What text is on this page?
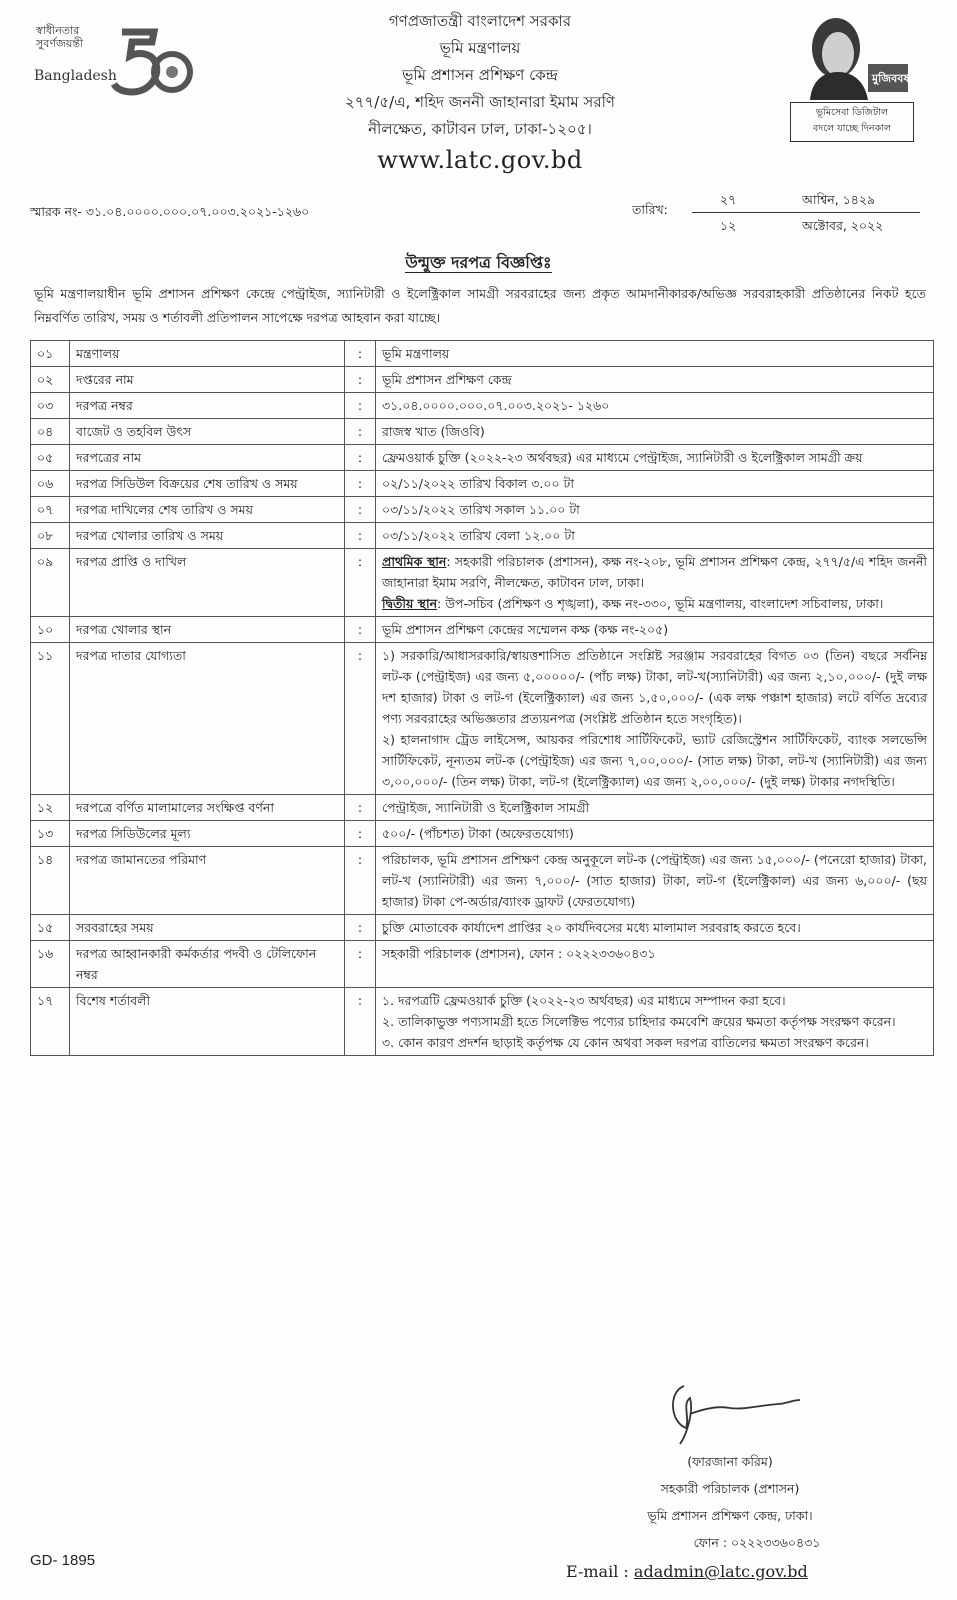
স্বাধীনতার
সুবর্ণজয়ন্তী
Bangladesh
গণপ্রজাতন্ত্রী বাংলাদেশ সরকার
ভূমি মন্ত্রণালয়
ভূমি প্রশাসন প্রশিক্ষণ কেন্দ্র
২৭৭/৫/এ, শহিদ জননী জাহানারা ইমাম সরণি
নীলক্ষেত, কাটাবন ঢাল, ঢাকা-১২০৫।
www.latc.gov.bd
মুজিববর্ষ
ভূমিসেবা ডিজিটাল
বদলে যাচ্ছে দিনকাল
স্মারক নং- ৩১.০৪.০০০০.০০০.০৭.০০৩.২০২১-১২৬০	তারিখ:
২৭	আশ্বিন, ১৪২৯
১২	অক্টোবর, ২০২২
উন্মুক্ত দরপত্র বিজ্ঞপ্তিঃ
ভূমি মন্ত্রণালয়াধীন ভূমি প্রশাসন প্রশিক্ষণ কেন্দ্রে পেন্ট্রাইজ, স্যানিটারী ও ইলেক্ট্রিকাল সামগ্রী সরবরাহের জন্য প্রকৃত আমদানীকারক/অভিজ্ঞ সরবরাহকারী প্রতিষ্ঠানের নিকট হতে নিম্নবর্ণিত তারিখ, সময় ও শর্তাবলী প্রতিপালন সাপেক্ষে দরপত্র আহবান করা যাচ্ছে।
০১	মন্ত্রণালয়	:	ভূমি মন্ত্রণালয়
০২	দপ্তরের নাম	:	ভূমি প্রশাসন প্রশিক্ষণ কেন্দ্র
০৩	দরপত্র নম্বর	:	৩১.০৪.০০০০.০০০.০৭.০০৩.২০২১- ১২৬০
০৪	বাজেট ও তহবিল উৎস	:	রাজস্ব খাত (জিওবি)
০৫	দরপত্রের নাম	:	ফ্রেমওয়ার্ক চুক্তি (২০২২-২৩ অর্থবছর) এর মাধ্যমে পেন্ট্রাইজ, স্যানিটারী ও ইলেক্ট্রিকাল সামগ্রী ক্রয়
০৬	দরপত্র সিডিউল বিক্রয়ের শেষ তারিখ ও সময়	:	০২/১১/২০২২ তারিখ বিকাল ৩.০০ টা
০৭	দরপত্র দাখিলের শেষ তারিখ ও সময়	:	০৩/১১/২০২২ তারিখ সকাল ১১.০০ টা
০৮	দরপত্র খোলার তারিখ ও সময়	:	০৩/১১/২০২২ তারিখ বেলা ১২.০০ টা
০৯	দরপত্র প্রাপ্তি ও দাখিল	:	প্রাথমিক স্থান: সহকারী পরিচালক (প্রশাসন), কক্ষ নং-২০৮, ভূমি প্রশাসন প্রশিক্ষণ কেন্দ্র, ২৭৭/৫/এ শহিদ জননী জাহানারা ইমাম সরণি, নীলক্ষেত, কাটাবন ঢাল, ঢাকা।

দ্বিতীয় স্থান: উপ-সচিব (প্রশিক্ষণ ও শৃঙ্খলা), কক্ষ নং-৩৩০, ভূমি মন্ত্রণালয়, বাংলাদেশ সচিবালয়, ঢাকা।

১০	দরপত্র খোলার স্থান	:	ভূমি প্রশাসন প্রশিক্ষণ কেন্দ্রের সম্মেলন কক্ষ (কক্ষ নং-২০৫)
১১	দরপত্র দাতার যোগ্যতা	:	১) সরকারি/আধাসরকারি/স্বায়ত্তশাসিত প্রতিষ্ঠানে সংশ্লিষ্ট সরঞ্জাম সরবরাহের বিগত ০৩ (তিন) বছরে সর্বনিম্ন লট-ক (পেন্ট্রাইজ) এর জন্য ৫,০০০০০/- (পাঁচ লক্ষ) টাকা, লট-খ(স্যানিটারী) এর জন্য ২,১০,০০০/- (দুই লক্ষ দশ হাজার) টাকা ও লট-গ (ইলেক্ট্রিক্যাল) এর জন্য ১,৫০,০০০/- (এক লক্ষ পঞ্চাশ হাজার) লটে বর্ণিত দ্রব্যের পণ্য সরবরাহের অভিজ্ঞতার প্রত্যয়নপত্র (সংশ্লিষ্ট প্রতিষ্ঠান হতে সংগৃহিত)।

২) হালনাগাদ ট্রেড লাইসেন্স, আয়কর পরিশোধ সার্টিফিকেট, ভ্যাট রেজিস্ট্রেশন সার্টিফিকেট, ব্যাংক সলভেন্সি সার্টিফিকেট, নূন্যতম লট-ক (পেন্ট্রাইজ) এর জন্য ৭,০০,০০০/- (সাত লক্ষ) টাকা, লট-খ (স্যানিটারী) এর জন্য ৩,০০,০০০/- (তিন লক্ষ) টাকা, লট-গ (ইলেক্ট্রিক্যাল) এর জন্য ২,০০,০০০/- (দুই লক্ষ) টাকার নগদস্থিতি।

১২	দরপত্রে বর্ণিত মালামালের সংক্ষিপ্ত বর্ণনা	:	পেন্ট্রাইজ, স্যানিটারী ও ইলেক্ট্রিকাল সামগ্রী
১৩	দরপত্র সিডিউলের মূল্য	:	৫০০/- (পাঁচশত) টাকা (অফেরতযোগ্য)
১৪	দরপত্র জামানতের পরিমাণ	:	পরিচালক, ভূমি প্রশাসন প্রশিক্ষণ কেন্দ্র অনুকূলে লট-ক (পেন্ট্রাইজ) এর জন্য ১৫,০০০/- (পনেরো হাজার) টাকা, লট-খ (স্যানিটারী) এর জন্য ৭,০০০/- (সাত হাজার) টাকা, লট-গ (ইলেক্ট্রিকাল) এর জন্য ৬,০০০/- (ছয় হাজার) টাকা পে-অর্ডার/ব্যাংক ড্রাফট (ফেরতযোগ্য)
১৫	সরবরাহের সময়	:	চুক্তি মোতাবেক কার্যাদেশ প্রাপ্তির ২০ কার্যদিবসের মধ্যে মালামাল সরবরাহ করতে হবে।
১৬	দরপত্র আহ্বানকারী কর্মকর্তার পদবী ও টেলিফোন নম্বর	:	সহকারী পরিচালক (প্রশাসন), ফোন : ০২২২৩৩৬০৪৩১
১৭	বিশেষ শর্তাবলী	:	১. দরপত্রটি ফ্রেমওয়ার্ক চুক্তি (২০২২-২৩ অর্থবছর) এর মাধ্যমে সম্পাদন করা হবে।

২. তালিকাভুক্ত পণ্যসামগ্রী হতে সিলেক্টিভ পণ্যের চাহিদার কমবেশি ক্রয়ের ক্ষমতা কর্তৃপক্ষ সংরক্ষণ করেন।

৩. কোন কারণ প্রদর্শন ছাড়াই কর্তৃপক্ষ যে কোন অথবা সকল দরপত্র বাতিলের ক্ষমতা সংরক্ষণ করেন।

(ফারজানা করিম)
সহকারী পরিচালক (প্রশাসন)
ভূমি প্রশাসন প্রশিক্ষণ কেন্দ্র, ঢাকা।
ফোন : ০২২২৩৩৬০৪৩১
E-mail : adadmin@latc.gov.bd
GD- 1895
